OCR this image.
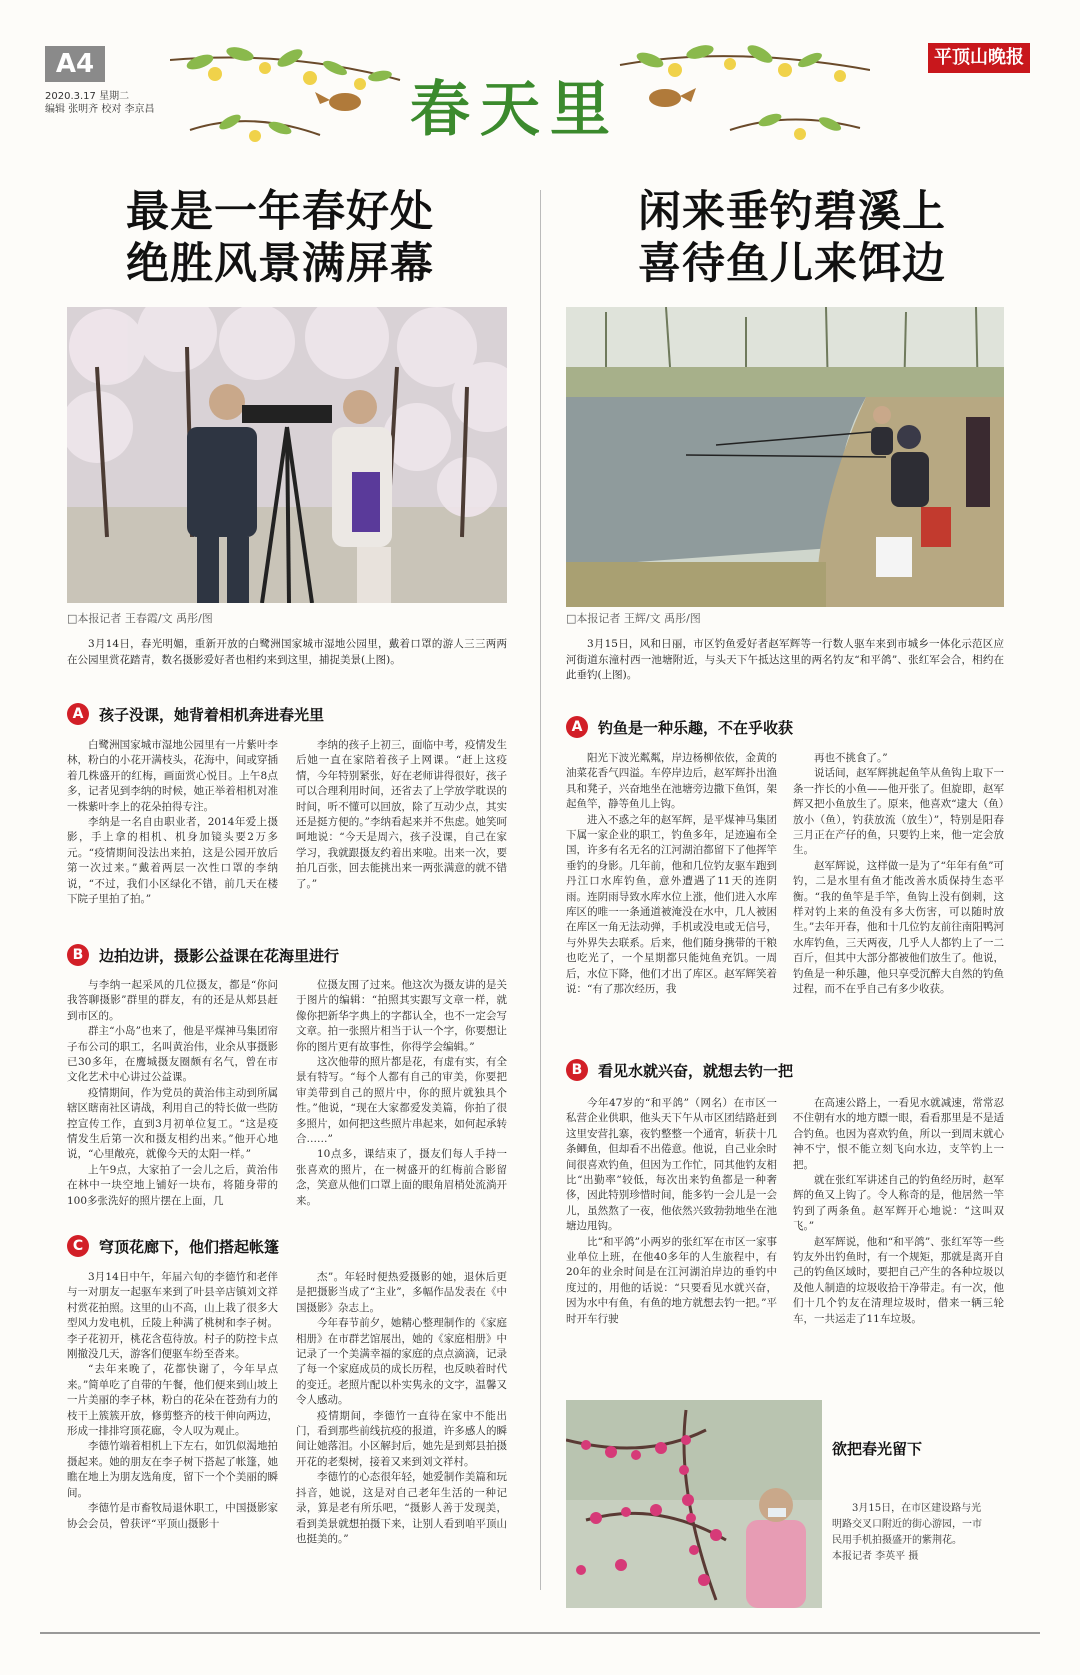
A4
2020.3.17 星期二
编辑 张明齐 校对 李京昌	春天里
平顶山晚报
最是一年春好处
绝胜风景满屏幕
□本报记者 王春霞/文 禹彤/图
3月14日，春光明媚，重新开放的白鹭洲国家城市湿地公园里，戴着口罩的游人三三两两在公园里赏花踏青，数名摄影爱好者也相约来到这里，捕捉美景(上图)。
A	孩子没课，她背着相机奔进春光里

白鹭洲国家城市湿地公园里有一片紫叶李林，粉白的小花开满枝头，花海中，间或穿插着几株盛开的红梅，画面赏心悦目。上午8点多，记者见到李纳的时候，她正举着相机对准一株紫叶李上的花朵拍得专注。

李纳是一名自由职业者，2014年爱上摄影，手上拿的相机、机身加镜头要2万多元。“疫情期间没法出来拍，这是公园开放后第一次过来。”戴着两层一次性口罩的李纳说，“不过，我们小区绿化不错，前几天在楼下院子里拍了拍。”

李纳的孩子上初三，面临中考，疫情发生后她一直在家陪着孩子上网课。“赶上这疫情，今年特别紧张，好在老师讲得很好，孩子可以合理利用时间，还省去了上学放学耽误的时间，听不懂可以回放，除了互动少点，其实还是挺方便的。”李纳看起来并不焦虑。她笑呵呵地说：“今天是周六，孩子没课，自己在家学习，我就跟摄友约着出来啦。出来一次，要拍几百张，回去能挑出来一两张满意的就不错了。”

B	边拍边讲，摄影公益课在花海里进行

与李纳一起采风的几位摄友，都是“你问我答聊摄影”群里的群友，有的还是从郏县赶到市区的。

群主“小岛”也来了，他是平煤神马集团帘子布公司的职工，名叫黄治伟，业余从事摄影已30多年，在鹰城摄友圈颇有名气，曾在市文化艺术中心讲过公益课。

疫情期间，作为党员的黄治伟主动到所属辖区瞎南社区请战，利用自己的特长做一些防控宣传工作，直到3月初单位复工。“这是疫情发生后第一次和摄友相约出来。”他开心地说，“心里敞亮，就像今天的太阳一样。”

上午9点，大家拍了一会儿之后，黄治伟在林中一块空地上铺好一块布，将随身带的100多张洗好的照片摆在上面，几

位摄友围了过来。他这次为摄友讲的是关于图片的编辑：“拍照其实跟写文章一样，就像你把新华字典上的字都认全，也不一定会写文章。拍一张照片相当于认一个字，你要想让你的图片更有故事性，你得学会编辑。”

这次他带的照片都是花，有虚有实，有全景有特写。“每个人都有自己的审美，你要把审美带到自己的照片中，你的照片就独具个性。”他说，“现在大家都爱发美篇，你拍了很多照片，如何把这些照片串起来，如何起承转合……”

10点多，课结束了，摄友们每人手持一张喜欢的照片，在一树盛开的红梅前合影留念，笑意从他们口罩上面的眼角眉梢处流淌开来。

C	穹顶花廊下，他们搭起帐篷

3月14日中午，年届六旬的李德竹和老伴与一对朋友一起驱车来到了叶县辛店镇刘文祥村赏花拍照。这里的山不高，山上栽了很多大型风力发电机，丘陵上种满了桃树和李子树。李子花初开，桃花含苞待放。村子的防控卡点刚撤没几天，游客们便驱车纷至沓来。

“去年来晚了，花都快谢了，今年早点来。”简单吃了自带的午餐，他们便来到山坡上一片美丽的李子林，粉白的花朵在苍劲有力的枝干上簇簇开放，修剪整齐的枝干伸向两边，形成一排排穹顶花廊，令人叹为观止。

李德竹端着相机上下左右，如饥似渴地拍摄起来。她的朋友在李子树下搭起了帐篷，她瞧在地上为朋友选角度，留下一个个美丽的瞬间。

李德竹是市畜牧局退休职工，中国摄影家协会会员，曾获评“平顶山摄影十

杰”。年轻时便热爱摄影的她，退休后更是把摄影当成了“主业”，多幅作品发表在《中国摄影》杂志上。

今年春节前夕，她精心整理制作的《家庭相册》在市群艺馆展出，她的《家庭相册》中记录了一个美满幸福的家庭的点点滴滴，记录了每一个家庭成员的成长历程，也反映着时代的变迁。老照片配以朴实隽永的文字，温馨又令人感动。

疫情期间，李德竹一直待在家中不能出门，看到那些前线抗疫的报道，许多感人的瞬间让她落泪。小区解封后，她先是到郏县拍摄开花的老梨树，接着又来到刘文祥村。

李德竹的心态很年轻，她爱制作美篇和玩抖音，她说，这是对自己老年生活的一种记录，算是老有所乐吧，“摄影人善于发现美，看到美景就想拍摄下来，让别人看到咱平顶山也挺美的。”

闲来垂钓碧溪上
喜待鱼儿来饵边
□本报记者 王辉/文 禹彤/图
3月15日，风和日丽，市区钓鱼爱好者赵军辉等一行数人驱车来到市城乡一体化示范区应河街道东潼村西一池塘附近，与头天下午抵达这里的两名钓友“和平鸽”、张红军会合，相约在此垂钓(上图)。
A	钓鱼是一种乐趣，不在乎收获

阳光下波光粼粼，岸边杨柳依依，金黄的油菜花香气四溢。车停岸边后，赵军辉扑出渔具和凳子，兴奋地坐在池塘旁边撒下鱼饵，架起鱼竿，静等鱼儿上钩。

进入不惑之年的赵军辉，是平煤神马集团下属一家企业的职工，钓鱼多年，足迹遍布全国，许多有名无名的江河湖泊都留下了他挥竿垂钓的身影。几年前，他和几位钓友驱车跑到丹江口水库钓鱼，意外遭遇了11天的连阴雨。连阴雨导致水库水位上涨，他们进入水库库区的唯一一条通道被淹没在水中，几人被困在库区一角无法动弹，手机或没电或无信号，与外界失去联系。后来，他们随身携带的干粮也吃光了，一个星期都只能炖鱼充饥。一周后，水位下降，他们才出了库区。赵军辉笑着说：“有了那次经历，我

再也不挑食了。”

说话间，赵军辉挑起鱼竿从鱼钩上取下一条一拃长的小鱼——他开张了。但旋即，赵军辉又把小鱼放生了。原来，他喜欢“逮大（鱼）放小（鱼），钓获放流（放生）”，特别是阳春三月正在产仔的鱼，只要钓上来，他一定会放生。

赵军辉说，这样做一是为了“年年有鱼”可钓，二是水里有鱼才能改善水质保持生态平衡。“我的鱼竿是手竿，鱼钩上没有倒刺，这样对钓上来的鱼没有多大伤害，可以随时放生。”去年开春，他和十几位钓友前往南阳鸭河水库钓鱼，三天两夜，几乎人人都钓上了一二百斤，但其中大部分都被他们放生了。他说，钓鱼是一种乐趣，他只享受沉醉大自然的钓鱼过程，而不在乎自己有多少收获。

B	看见水就兴奋，就想去钓一把

今年47岁的“和平鸽”（网名）在市区一私营企业供职，他头天下午从市区团结路赶到这里安营扎寨，夜钓整整一个通宵，斩获十几条鲫鱼，但却看不出倦意。他说，自己业余时间很喜欢钓鱼，但因为工作忙，同其他钓友相比“出勤率”较低，每次出来钓鱼都是一种奢侈，因此特别珍惜时间，能多钓一会儿是一会儿，虽然熬了一夜，他依然兴致勃勃地坐在池塘边甩钩。

比“和平鸽”小两岁的张红军在市区一家事业单位上班，在他40多年的人生旅程中，有20年的业余时间是在江河湖泊岸边的垂钓中度过的，用他的话说：“只要看见水就兴奋，因为水中有鱼，有鱼的地方就想去钓一把。”平时开车行驶

在高速公路上，一看见水就减速，常常忍不住朝有水的地方瞟一眼，看看那里是不是适合钓鱼。也因为喜欢钓鱼，所以一到周末就心神不宁，恨不能立刻飞向水边，支竿钓上一把。

就在张红军讲述自己的钓鱼经历时，赵军辉的鱼又上钩了。令人称奇的是，他居然一竿钓到了两条鱼。赵军辉开心地说：“这叫双飞。”

赵军辉说，他和“和平鸽”、张红军等一些钓友外出钓鱼时，有一个规矩，那就是离开自己的钓鱼区域时，要把自己产生的各种垃圾以及他人制造的垃圾收拾干净带走。有一次，他们十几个钓友在清理垃圾时，借来一辆三轮车，一共运走了11车垃圾。

欲把春光留下
3月15日，在市区建设路与光明路交叉口附近的街心游园，一市民用手机拍摄盛开的紫荆花。
本报记者 李英平 摄
